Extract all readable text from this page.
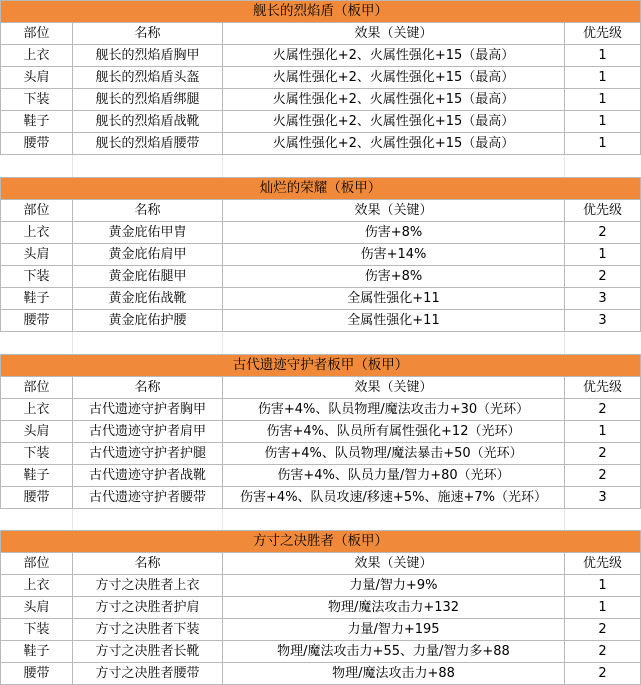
舰长的烈焰盾（板甲）			
部位	名称	效果（关键）	优先级
上衣	舰长的烈焰盾胸甲	火属性强化+2、火属性强化+15（最高）	1
头肩	舰长的烈焰盾头盔	火属性强化+2、火属性强化+15（最高）	1
下装	舰长的烈焰盾绑腿	火属性强化+2、火属性强化+15（最高）	1
鞋子	舰长的烈焰盾战靴	火属性强化+2、火属性强化+15（最高）	1
腰带	舰长的烈焰盾腰带	火属性强化+2、火属性强化+15（最高）	1
灿烂的荣耀（板甲）			
部位	名称	效果（关键）	优先级
上衣	黄金庇佑甲胄	伤害+8%	2
头肩	黄金庇佑肩甲	伤害+14%	1
下装	黄金庇佑腿甲	伤害+8%	2
鞋子	黄金庇佑战靴	全属性强化+11	3
腰带	黄金庇佑护腰	全属性强化+11	3
古代遗迹守护者板甲（板甲）			
部位	名称	效果（关键）	优先级
上衣	古代遗迹守护者胸甲	伤害+4%、队员物理/魔法攻击力+30（光环）	2
头肩	古代遗迹守护者肩甲	伤害+4%、队员所有属性强化+12（光环）	1
下装	古代遗迹守护者护腿	伤害+4%、队员物理/魔法暴击+50（光环）	2
鞋子	古代遗迹守护者战靴	伤害+4%、队员力量/智力+80（光环）	2
腰带	古代遗迹守护者腰带	伤害+4%、队员攻速/移速+5%、施速+7%（光环）	3
方寸之决胜者（板甲）			
部位	名称	效果（关键）	优先级
上衣	方寸之决胜者上衣	力量/智力+9%	1
头肩	方寸之决胜者护肩	物理/魔法攻击力+132	1
下装	方寸之决胜者下装	力量/智力+195	2
鞋子	方寸之决胜者长靴	物理/魔法攻击力+55、力量/智力多+88	2
腰带	方寸之决胜者腰带	物理/魔法攻击力+88	2
